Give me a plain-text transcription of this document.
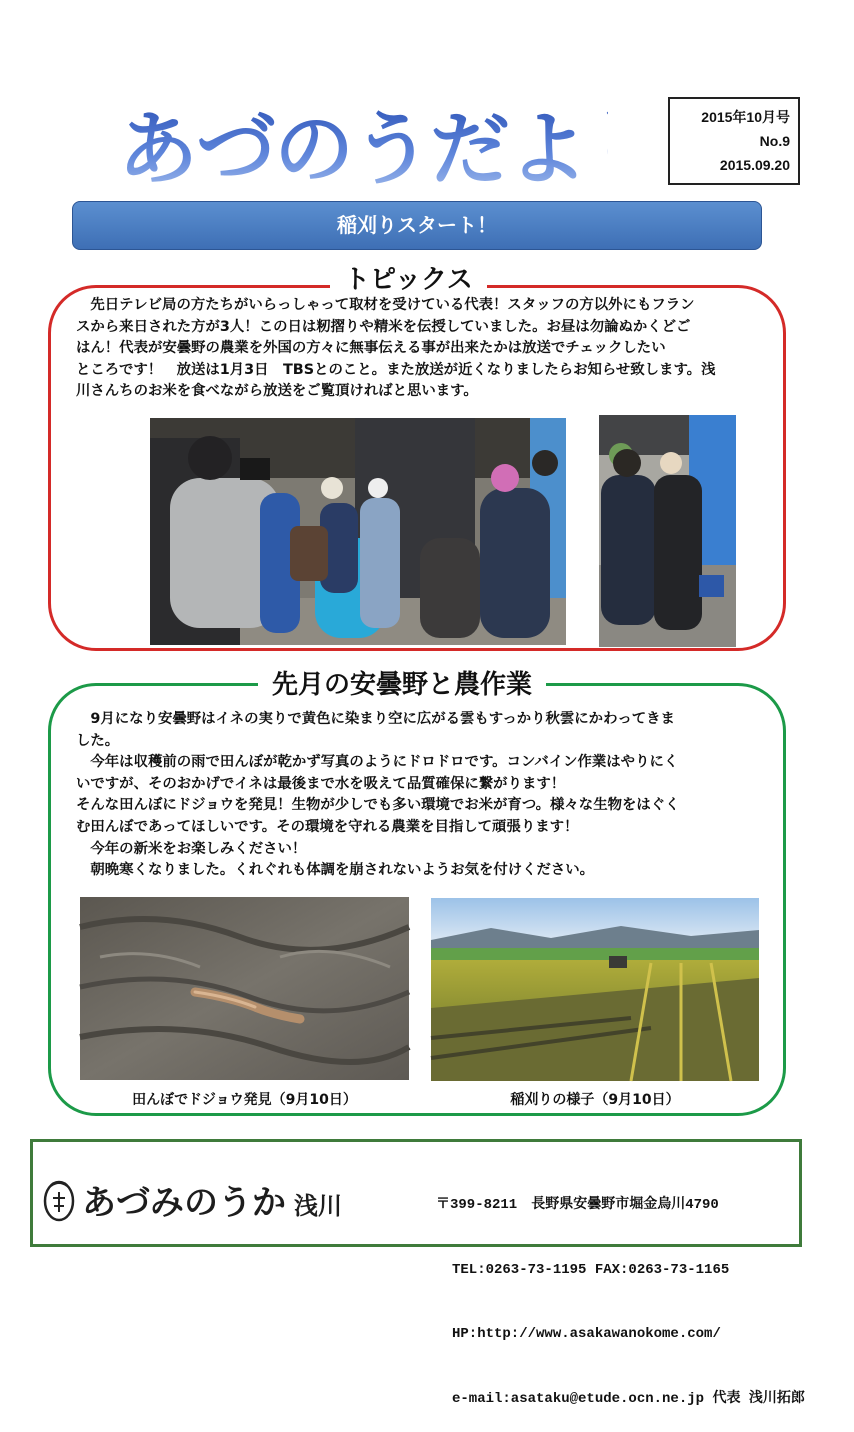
あづのうだより	2015年10月号
No.9
2015.09.20
稲刈りスタート！
トピックス

　先日テレビ局の方たちがいらっしゃって取材を受けている代表！スタッフの方以外にもフラン

スから来日された方が3人！この日は籾摺りや精米を伝授していました。お昼は勿論ぬかくどご

はん！代表が安曇野の農業を外国の方々に無事伝える事が出来たかは放送でチェックしたい

ところです！　放送は1月3日　TBSとのこと。また放送が近くなりましたらお知らせ致します。浅

川さんちのお米を食べながら放送をご覧頂ければと思います。

先月の安曇野と農作業

　9月になり安曇野はイネの実りで黄色に染まり空に広がる雲もすっかり秋雲にかわってきま

した。

　今年は収穫前の雨で田んぼが乾かず写真のようにドロドロです。コンバイン作業はやりにく

いですが、そのおかげでイネは最後まで水を吸えて品質確保に繋がります！

そんな田んぼにドジョウを発見！生物が少しでも多い環境でお米が育つ。様々な生物をはぐく

む田んぼであってほしいです。その環境を守れる農業を目指して頑張ります！

　今年の新米をお楽しみください！

　朝晩寒くなりました。くれぐれも体調を崩されないようお気を付けください。

田んぼでドジョウ発見（9月10日）	稲刈りの様子（9月10日）
あづみのうか 浅川

	〒399-8211　長野県安曇野市堀金烏川4790

TEL:0263-73-1195 FAX:0263-73-1165

HP:http://www.asakawanokome.com/

e-mail:asataku@etude.ocn.ne.jp 代表 浅川拓郎
